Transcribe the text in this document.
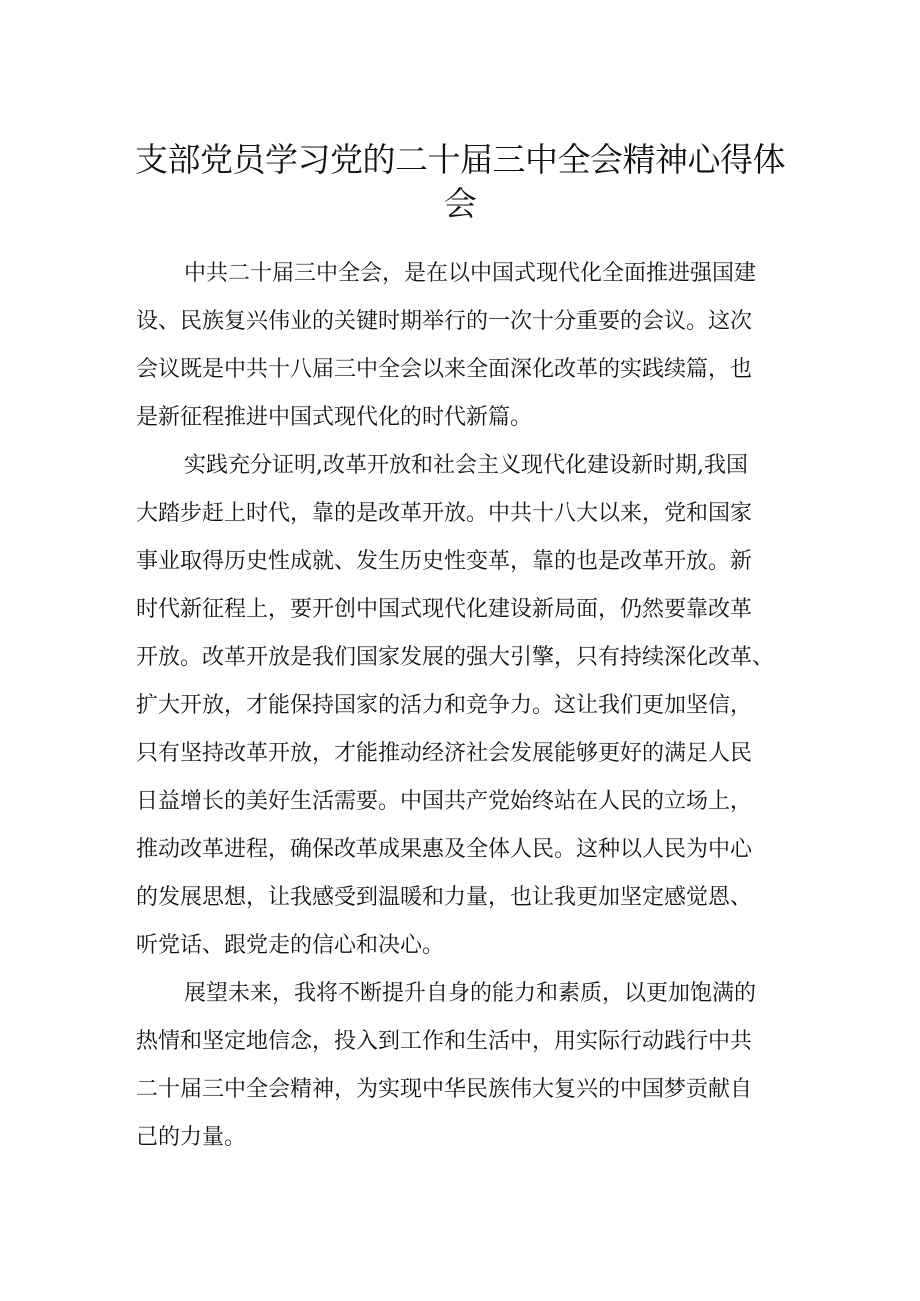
支部党员学习党的二十届三中全会精神心得体
会
中共二十届三中全会，是在以中国式现代化全面推进强国建
设、民族复兴伟业的关键时期举行的一次十分重要的会议。这次
会议既是中共十八届三中全会以来全面深化改革的实践续篇，也
是新征程推进中国式现代化的时代新篇。
实践充分证明,改革开放和社会主义现代化建设新时期,我国
大踏步赶上时代，靠的是改革开放。中共十八大以来，党和国家
事业取得历史性成就、发生历史性变革，靠的也是改革开放。新
时代新征程上，要开创中国式现代化建设新局面，仍然要靠改革
开放。改革开放是我们国家发展的强大引擎，只有持续深化改革、
扩大开放，才能保持国家的活力和竞争力。这让我们更加坚信，
只有坚持改革开放，才能推动经济社会发展能够更好的满足人民
日益增长的美好生活需要。中国共产党始终站在人民的立场上，
推动改革进程，确保改革成果惠及全体人民。这种以人民为中心
的发展思想，让我感受到温暖和力量，也让我更加坚定感觉恩、
听党话、跟党走的信心和决心。
展望未来，我将不断提升自身的能力和素质，以更加饱满的
热情和坚定地信念，投入到工作和生活中，用实际行动践行中共
二十届三中全会精神，为实现中华民族伟大复兴的中国梦贡献自
己的力量。
